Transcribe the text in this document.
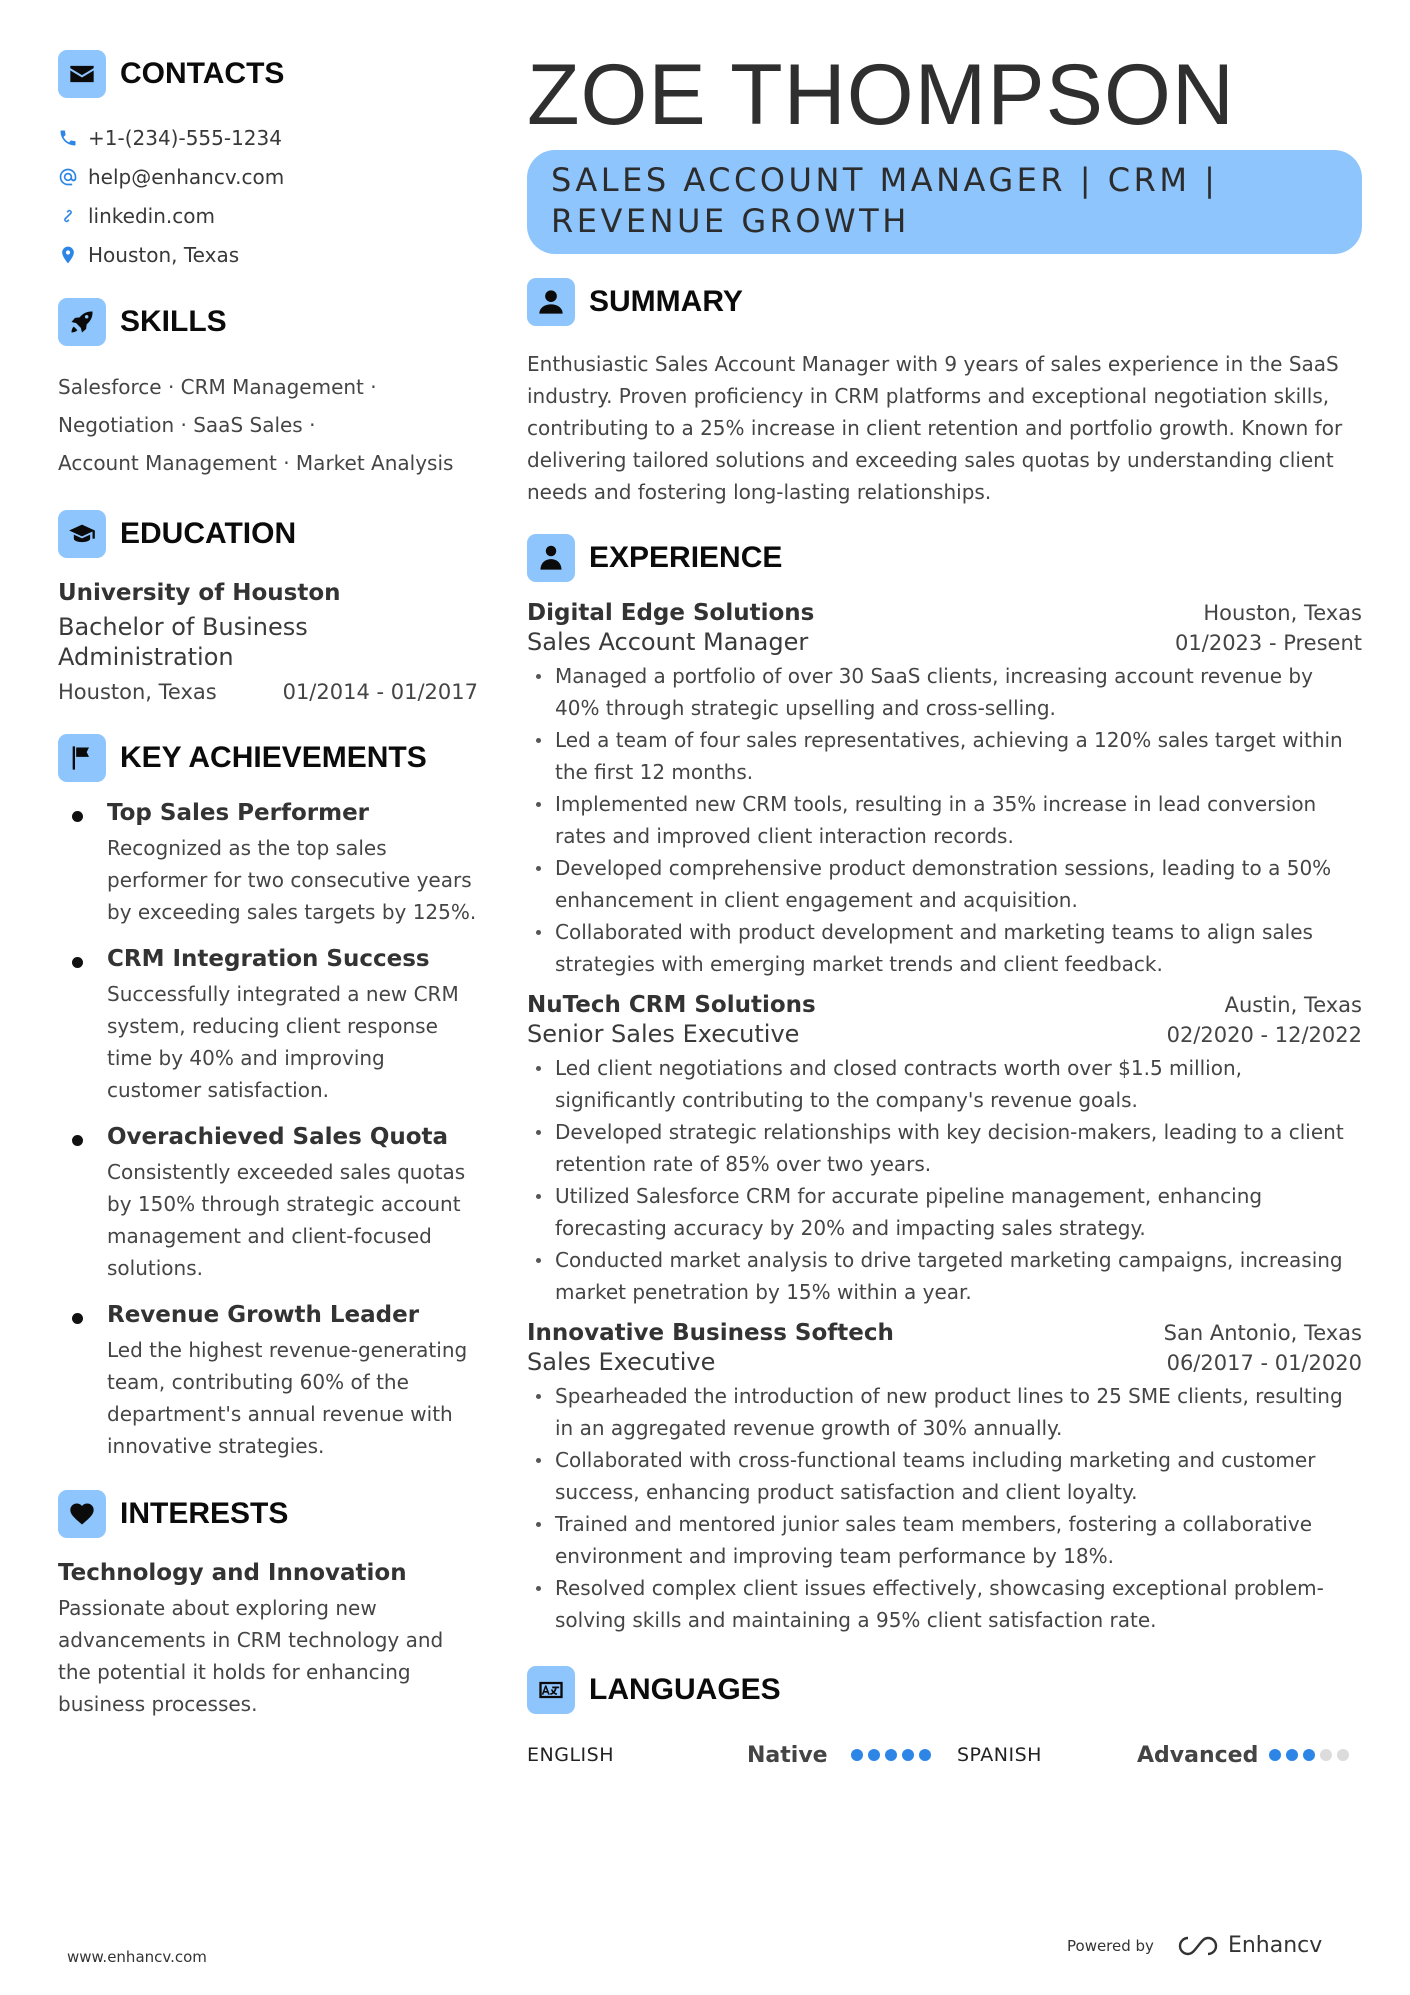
CONTACTS
+1-(234)-555-1234
help@enhancv.com
linkedin.com
Houston, Texas
SKILLS
Salesforce · CRM Management ·
Negotiation · SaaS Sales ·
Account Management · Market Analysis
EDUCATION
University of Houston
Bachelor of Business Administration
Houston, Texas	01/2014 - 01/2017
KEY ACHIEVEMENTS
Top Sales Performer
Recognized as the top sales performer for two consecutive years by exceeding sales targets by 125%.
CRM Integration Success
Successfully integrated a new CRM system, reducing client response time by 40% and improving customer satisfaction.
Overachieved Sales Quota
Consistently exceeded sales quotas by 150% through strategic account management and client-focused solutions.
Revenue Growth Leader
Led the highest revenue-generating team, contributing 60% of the department's annual revenue with innovative strategies.
INTERESTS
Technology and Innovation
Passionate about exploring new advancements in CRM technology and the potential it holds for enhancing business processes.
ZOE THOMPSON
SALES ACCOUNT MANAGER | CRM |
REVENUE GROWTH
SUMMARY
Enthusiastic Sales Account Manager with 9 years of sales experience in the SaaS industry. Proven proficiency in CRM platforms and exceptional negotiation skills, contributing to a 25% increase in client retention and portfolio growth. Known for delivering tailored solutions and exceeding sales quotas by understanding client needs and fostering long-lasting relationships.
EXPERIENCE
Digital Edge Solutions	Houston, Texas
Sales Account Manager	01/2023 - Present
Managed a portfolio of over 30 SaaS clients, increasing account revenue by 40% through strategic upselling and cross-selling.
Led a team of four sales representatives, achieving a 120% sales target within the first 12 months.
Implemented new CRM tools, resulting in a 35% increase in lead conversion rates and improved client interaction records.
Developed comprehensive product demonstration sessions, leading to a 50% enhancement in client engagement and acquisition.
Collaborated with product development and marketing teams to align sales strategies with emerging market trends and client feedback.
NuTech CRM Solutions	Austin, Texas
Senior Sales Executive	02/2020 - 12/2022
Led client negotiations and closed contracts worth over $1.5 million, significantly contributing to the company's revenue goals.
Developed strategic relationships with key decision-makers, leading to a client retention rate of 85% over two years.
Utilized Salesforce CRM for accurate pipeline management, enhancing forecasting accuracy by 20% and impacting sales strategy.
Conducted market analysis to drive targeted marketing campaigns, increasing market penetration by 15% within a year.
Innovative Business Softech	San Antonio, Texas
Sales Executive	06/2017 - 01/2020
Spearheaded the introduction of new product lines to 25 SME clients, resulting in an aggregated revenue growth of 30% annually.
Collaborated with cross-functional teams including marketing and customer success, enhancing product satisfaction and client loyalty.
Trained and mentored junior sales team members, fostering a collaborative environment and improving team performance by 18%.
Resolved complex client issues effectively, showcasing exceptional problem-solving skills and maintaining a 95% client satisfaction rate.
LANGUAGES
ENGLISH	Native	SPANISH	Advanced
www.enhancv.com
Powered by	Enhancv
